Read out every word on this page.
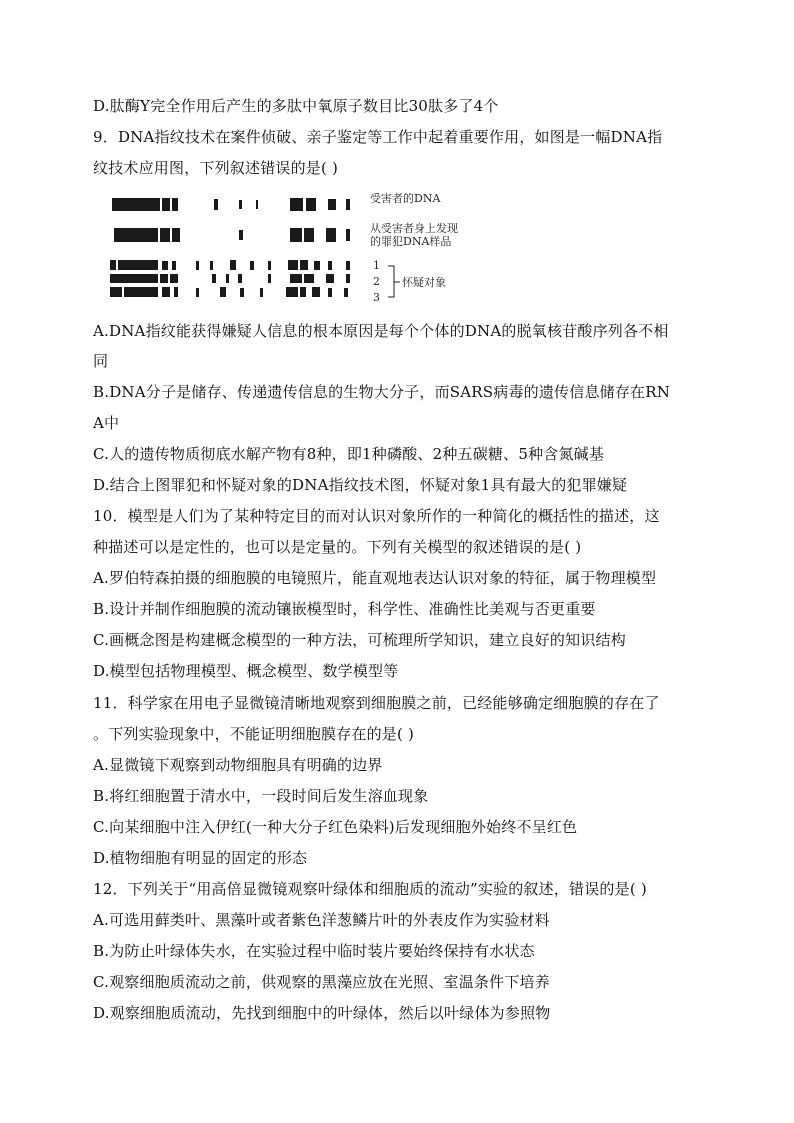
D.肽酶Y完全作用后产生的多肽中氧原子数目比30肽多了4个
9．DNA指纹技术在案件侦破、亲子鉴定等工作中起着重要作用，如图是一幅DNA指
纹技术应用图，下列叙述错误的是( )
受害者的DNA
从受害者身上发现
的罪犯DNA样品
1
2
3
怀疑对象
A.DNA指纹能获得嫌疑人信息的根本原因是每个个体的DNA的脱氧核苷酸序列各不相
同
B.DNA分子是储存、传递遗传信息的生物大分子，而SARS病毒的遗传信息储存在RN
A中
C.人的遗传物质彻底水解产物有8种，即1种磷酸、2种五碳糖、5种含氮碱基
D.结合上图罪犯和怀疑对象的DNA指纹技术图，怀疑对象1具有最大的犯罪嫌疑
10．模型是人们为了某种特定目的而对认识对象所作的一种简化的概括性的描述，这
种描述可以是定性的，也可以是定量的。下列有关模型的叙述错误的是( )
A.罗伯特森拍摄的细胞膜的电镜照片，能直观地表达认识对象的特征，属于物理模型
B.设计并制作细胞膜的流动镶嵌模型时，科学性、准确性比美观与否更重要
C.画概念图是构建概念模型的一种方法，可梳理所学知识，建立良好的知识结构
D.模型包括物理模型、概念模型、数学模型等
11．科学家在用电子显微镜清晰地观察到细胞膜之前，已经能够确定细胞膜的存在了
。下列实验现象中，不能证明细胞膜存在的是( )
A.显微镜下观察到动物细胞具有明确的边界
B.将红细胞置于清水中，一段时间后发生溶血现象
C.向某细胞中注入伊红(一种大分子红色染料)后发现细胞外始终不呈红色
D.植物细胞有明显的固定的形态
12．下列关于“用高倍显微镜观察叶绿体和细胞质的流动”实验的叙述，错误的是( )
A.可选用藓类叶、黑藻叶或者紫色洋葱鳞片叶的外表皮作为实验材料
B.为防止叶绿体失水，在实验过程中临时装片要始终保持有水状态
C.观察细胞质流动之前，供观察的黑藻应放在光照、室温条件下培养
D.观察细胞质流动，先找到细胞中的叶绿体，然后以叶绿体为参照物
